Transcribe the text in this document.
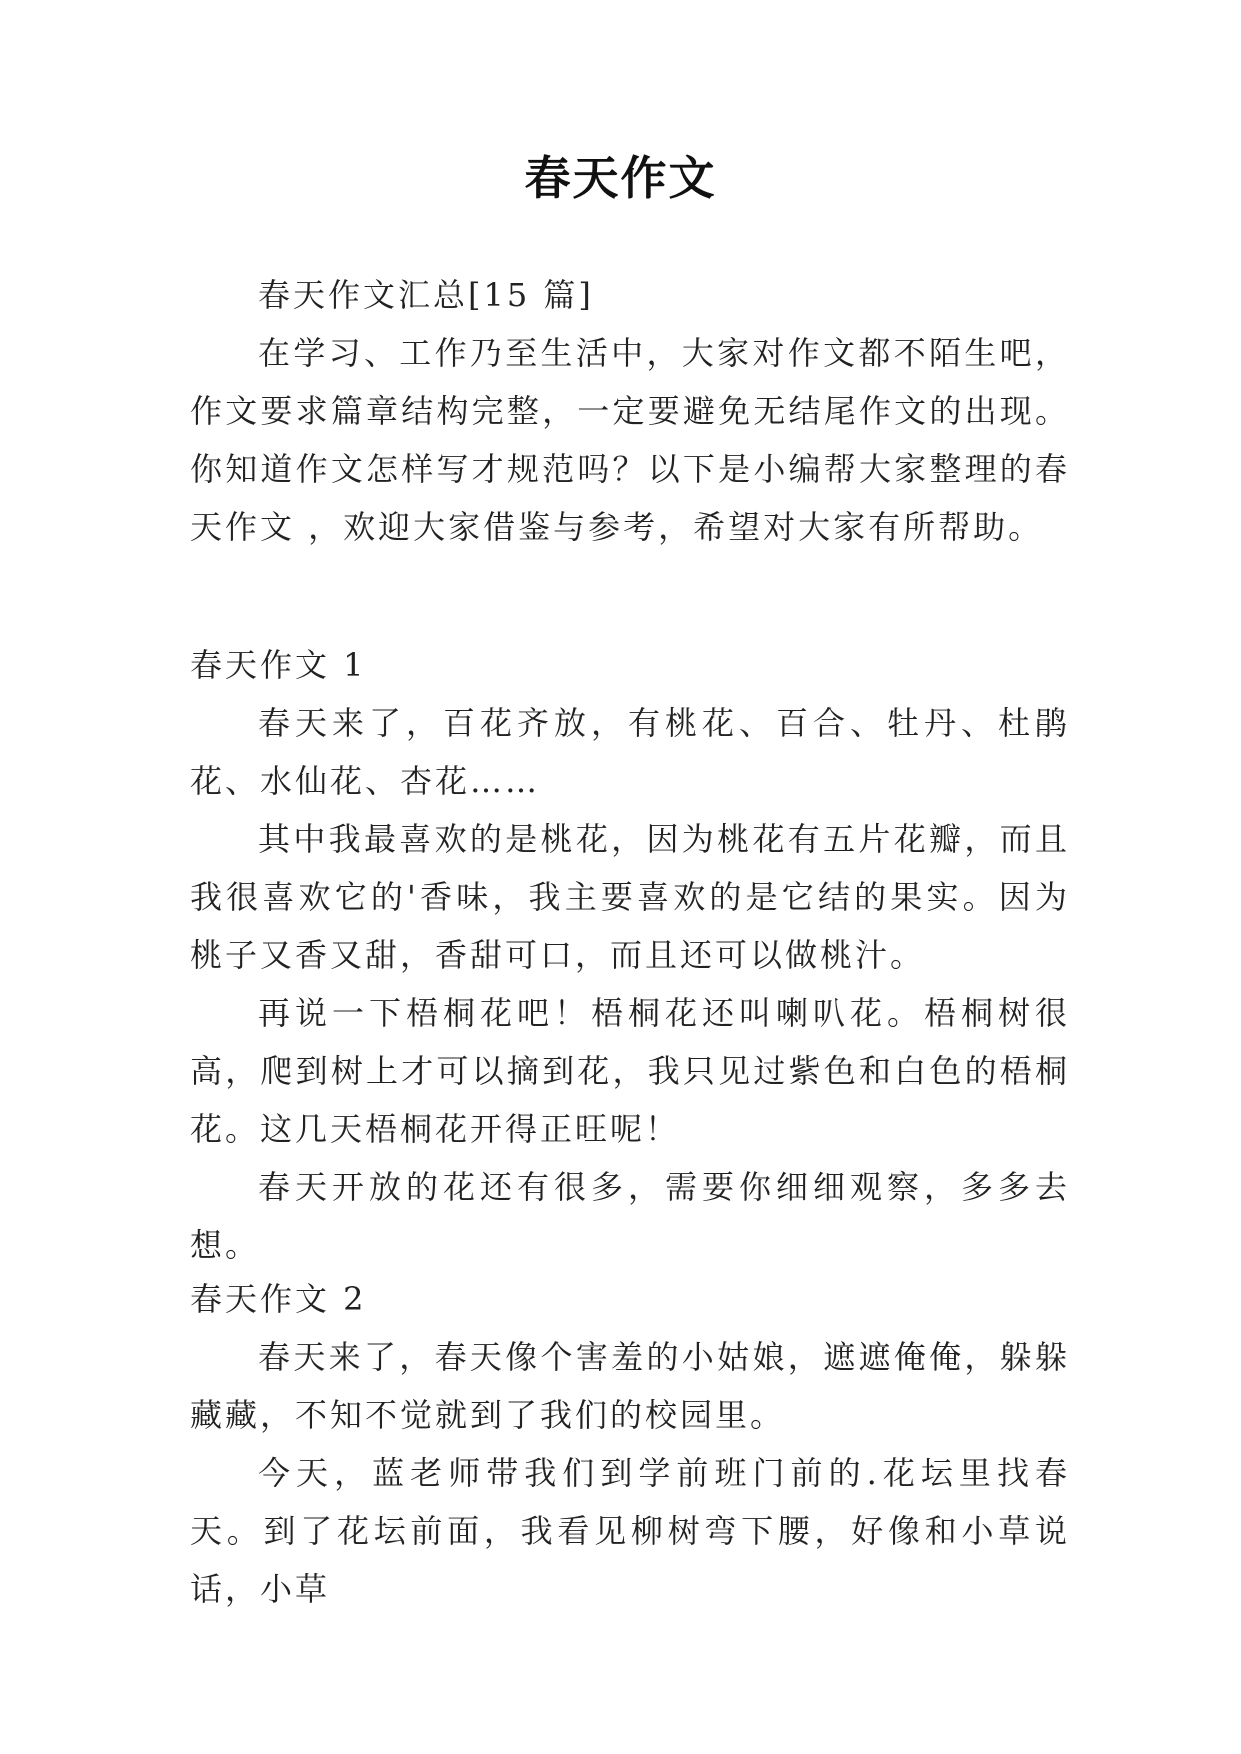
春天作文

春天作文汇总[15 篇]

在学习、工作乃至生活中，大家对作文都不陌生吧，作文要求篇章结构完整，一定要避免无结尾作文的出现。你知道作文怎样写才规范吗？以下是小编帮大家整理的春天作文 ，欢迎大家借鉴与参考，希望对大家有所帮助。

春天作文 1

春天来了，百花齐放，有桃花、百合、牡丹、杜鹃花、水仙花、杏花……

其中我最喜欢的是桃花，因为桃花有五片花瓣，而且我很喜欢它的'香味，我主要喜欢的是它结的果实。因为桃子又香又甜，香甜可口，而且还可以做桃汁。

再说一下梧桐花吧！梧桐花还叫喇叭花。梧桐树很高，爬到树上才可以摘到花，我只见过紫色和白色的梧桐花。这几天梧桐花开得正旺呢！

春天开放的花还有很多，需要你细细观察，多多去想。

春天作文 2

春天来了，春天像个害羞的小姑娘，遮遮俺俺，躲躲藏藏，不知不觉就到了我们的校园里。

今天，蓝老师带我们到学前班门前的.花坛里找春天。到了花坛前面，我看见柳树弯下腰，好像和小草说话，小草
